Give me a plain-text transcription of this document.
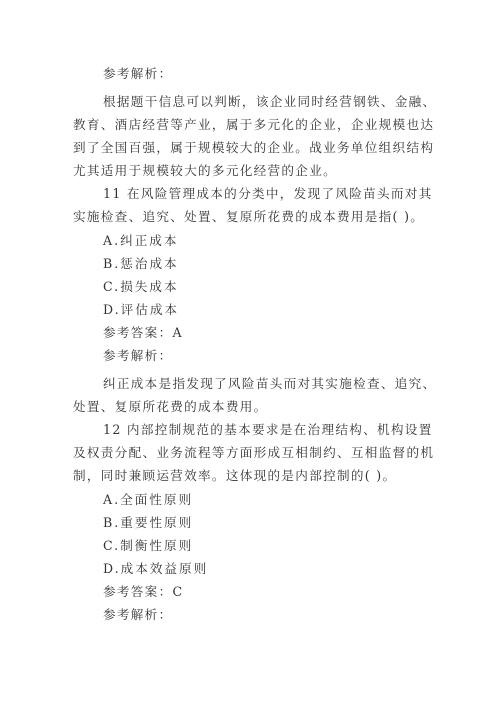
参考解析：
根据题干信息可以判断，该企业同时经营钢铁、金融、
教育、酒店经营等产业，属于多元化的企业，企业规模也达
到了全国百强，属于规模较大的企业。战业务单位组织结构
尤其适用于规模较大的多元化经营的企业。
11 在风险管理成本的分类中，发现了风险苗头而对其
实施检查、追究、处置、复原所花费的成本费用是指( )。
A.纠正成本
B.惩治成本
C.损失成本
D.评估成本
参考答案：A
参考解析：
纠正成本是指发现了风险苗头而对其实施检查、追究、
处置、复原所花费的成本费用。
12 内部控制规范的基本要求是在治理结构、机构设置
及权责分配、业务流程等方面形成互相制约、互相监督的机
制，同时兼顾运营效率。这体现的是内部控制的( )。
A.全面性原则
B.重要性原则
C.制衡性原则
D.成本效益原则
参考答案：C
参考解析：
